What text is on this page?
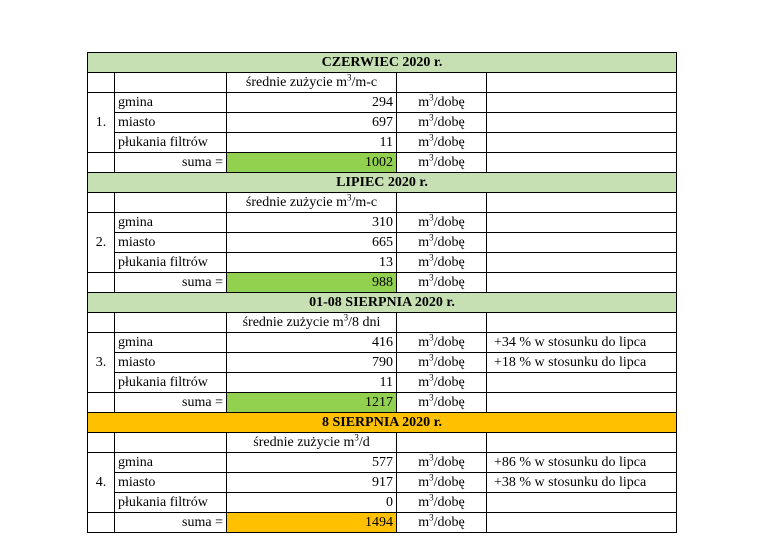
CZERWIEC 2020 r.				
		średnie zużycie $m^3/m-c$		
1.	gmina	294	$m^3$/dobę	
	miasto	697	$m^3$/dobę	
	płukania filtrów	11	$m^3$/dobę	
	suma =	1002	$m^3$/dobę	
LIPIEC 2020 r.				
		średnie zużycie $m^3/m-c$		
2.	gmina	310	$m^3$/dobę	
	miasto	665	$m^3$/dobę	
	płukania filtrów	13	$m^3$/dobę	
	suma =	988	$m^3$/dobę	
01-08 SIERPNIA 2020 r.				
		średnie zużycie $m^3/8$ dni		
3.	gmina	416	$m^3$/dobę	+34 % w stosunku do lipca
	miasto	790	$m^3$/dobę	+18 % w stosunku do lipca
	płukania filtrów	11	$m^3$/dobę	
	suma =	1217	$m^3$/dobę	
8 SIERPNIA 2020 r.				
		średnie zużycie $m^3/d$		
4.	gmina	577	$m^3$/dobę	+86 % w stosunku do lipca
	miasto	917	$m^3$/dobę	+38 % w stosunku do lipca
	płukania filtrów	0	$m^3$/dobę	
	suma =	1494	$m^3$/dobę	
